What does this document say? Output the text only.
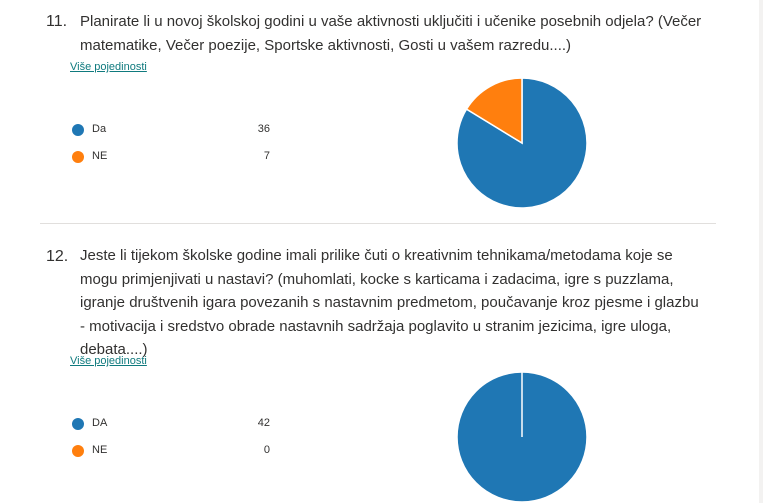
11. Planirate li u novoj školskoj godini u vaše aktivnosti uključiti i učenike posebnih odjela? (Večer matematike, Večer poezije, Sportske aktivnosti, Gosti u vašem razredu....)
Više pojedinosti
Da	36
NE	7
12. Jeste li tijekom školske godine imali prilike čuti o kreativnim tehnikama/metodama koje se mogu primjenjivati u nastavi? (muhomlati, kocke s karticama i zadacima, igre s puzzlama, igranje društvenih igara povezanih s nastavnim predmetom, poučavanje kroz pjesme i glazbu - motivacija i sredstvo obrade nastavnih sadržaja poglavito u stranim jezicima, igre uloga, debata....)
Više pojedinosti
DA	42
NE	0
